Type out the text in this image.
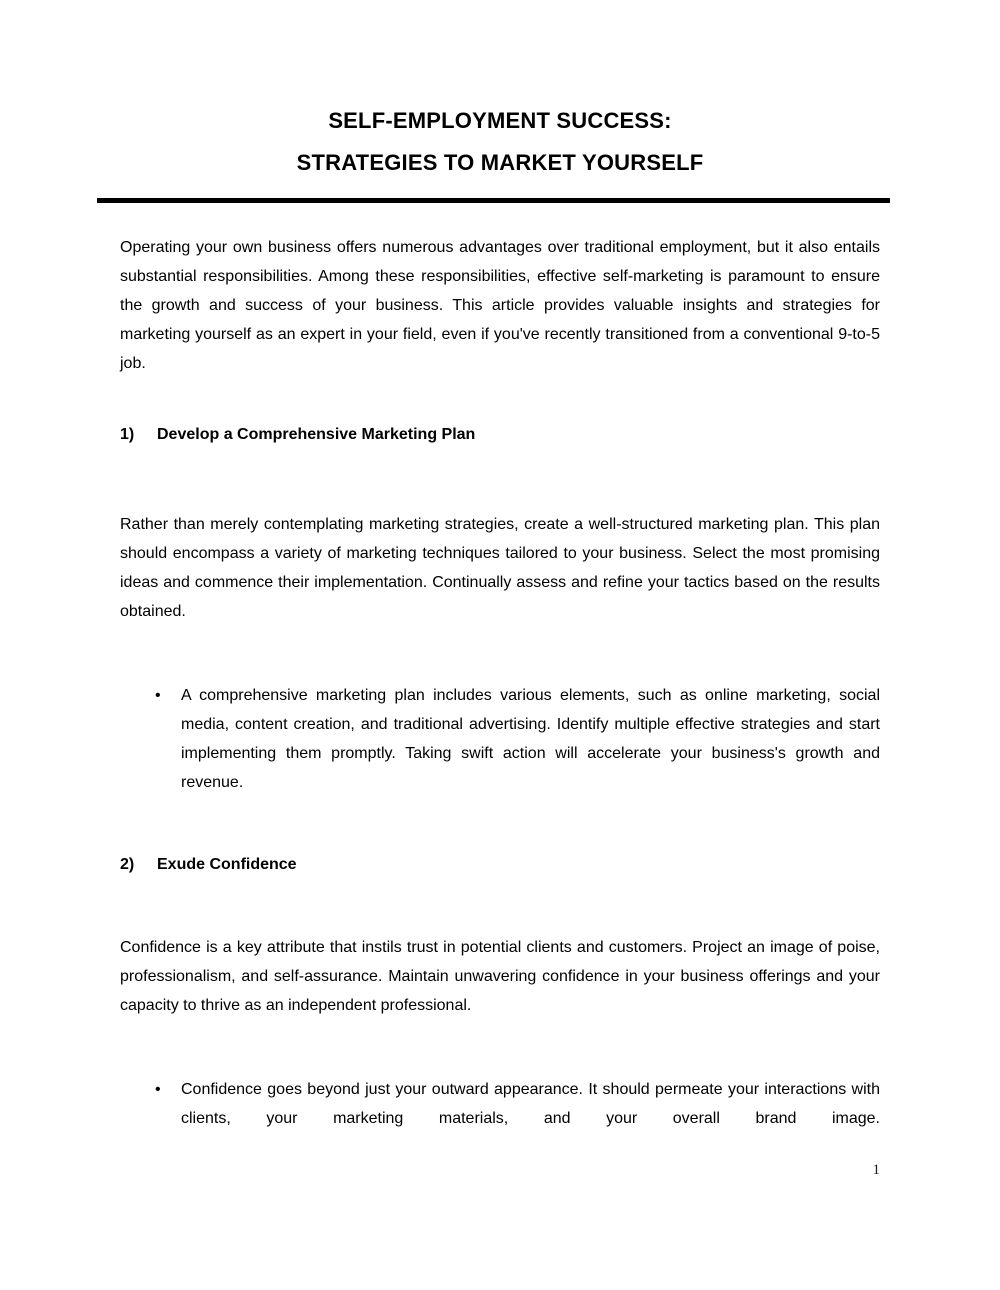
SELF-EMPLOYMENT SUCCESS:
STRATEGIES TO MARKET YOURSELF

Operating your own business offers numerous advantages over traditional employment, but it also entails substantial responsibilities. Among these responsibilities, effective self-marketing is paramount to ensure the growth and success of your business. This article provides valuable insights and strategies for marketing yourself as an expert in your field, even if you've recently transitioned from a conventional 9-to-5 job.

1) Develop a Comprehensive Marketing Plan

Rather than merely contemplating marketing strategies, create a well-structured marketing plan. This plan should encompass a variety of marketing techniques tailored to your business. Select the most promising ideas and commence their implementation. Continually assess and refine your tactics based on the results obtained.

• A comprehensive marketing plan includes various elements, such as online marketing, social media, content creation, and traditional advertising. Identify multiple effective strategies and start implementing them promptly. Taking swift action will accelerate your business's growth and revenue.
2) Exude Confidence

Confidence is a key attribute that instils trust in potential clients and customers. Project an image of poise, professionalism, and self-assurance. Maintain unwavering confidence in your business offerings and your capacity to thrive as an independent professional.

• Confidence goes beyond just your outward appearance. It should permeate your interactions with clients, your marketing materials, and your overall brand image.
1
